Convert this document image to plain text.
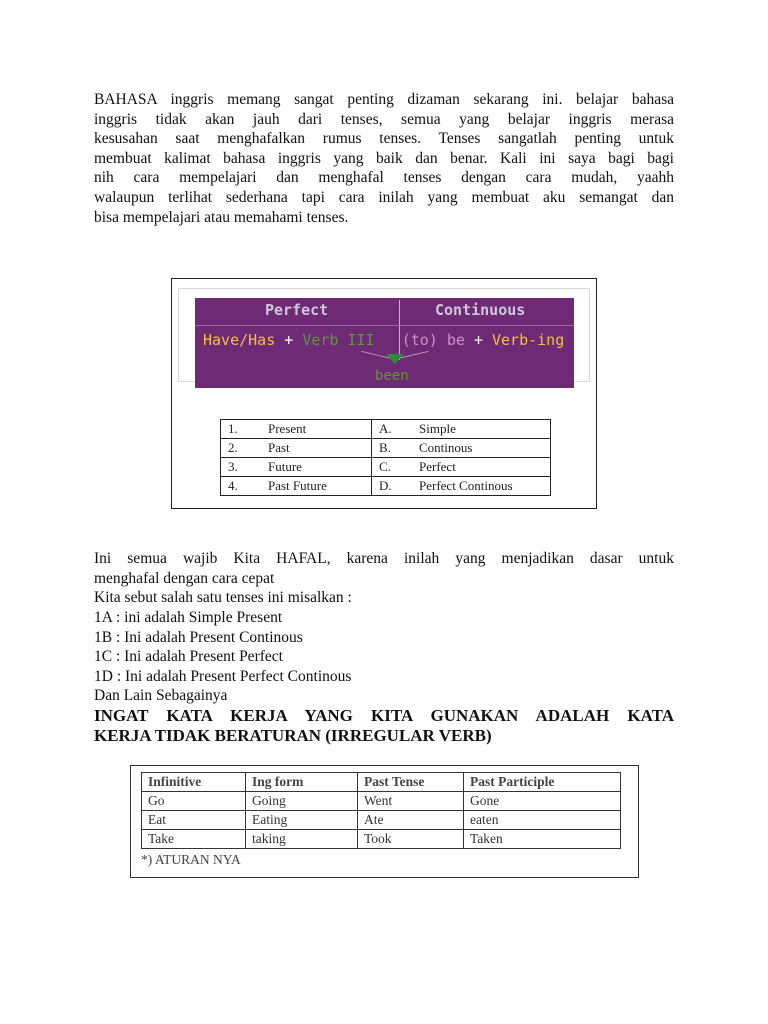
BAHASA inggris memang sangat penting dizaman sekarang ini. belajar bahasa
inggris tidak akan jauh dari tenses, semua yang belajar inggris merasa
kesusahan saat menghafalkan rumus tenses. Tenses sangatlah penting untuk
membuat kalimat bahasa inggris yang baik dan benar. Kali ini saya bagi bagi
nih cara mempelajari dan menghafal tenses dengan cara mudah, yaahh
walaupun terlihat sederhana tapi cara inilah yang membuat aku semangat dan
bisa mempelajari atau memahami tenses.
Perfect	Continuous
Have/Has + Verb III (to) be + Verb-ing
been
1. Present	A. Simple
2. Past	B. Continous
3. Future	C. Perfect
4. Past Future	D. Perfect Continous
Ini semua wajib Kita HAFAL, karena inilah yang menjadikan dasar untuk
menghafal dengan cara cepat
Kita sebut salah satu tenses ini misalkan :
1A : ini adalah Simple Present
1B : Ini adalah Present Continous
1C : Ini adalah Present Perfect
1D : Ini adalah Present Perfect Continous
Dan Lain Sebagainya
INGAT KATA KERJA YANG KITA GUNAKAN ADALAH KATA
KERJA TIDAK BERATURAN (IRREGULAR VERB)
Infinitive	Ing form	Past Tense	Past Participle
Go	Going	Went	Gone
Eat	Eating	Ate	eaten
Take	taking	Took	Taken
*) ATURAN NYA
